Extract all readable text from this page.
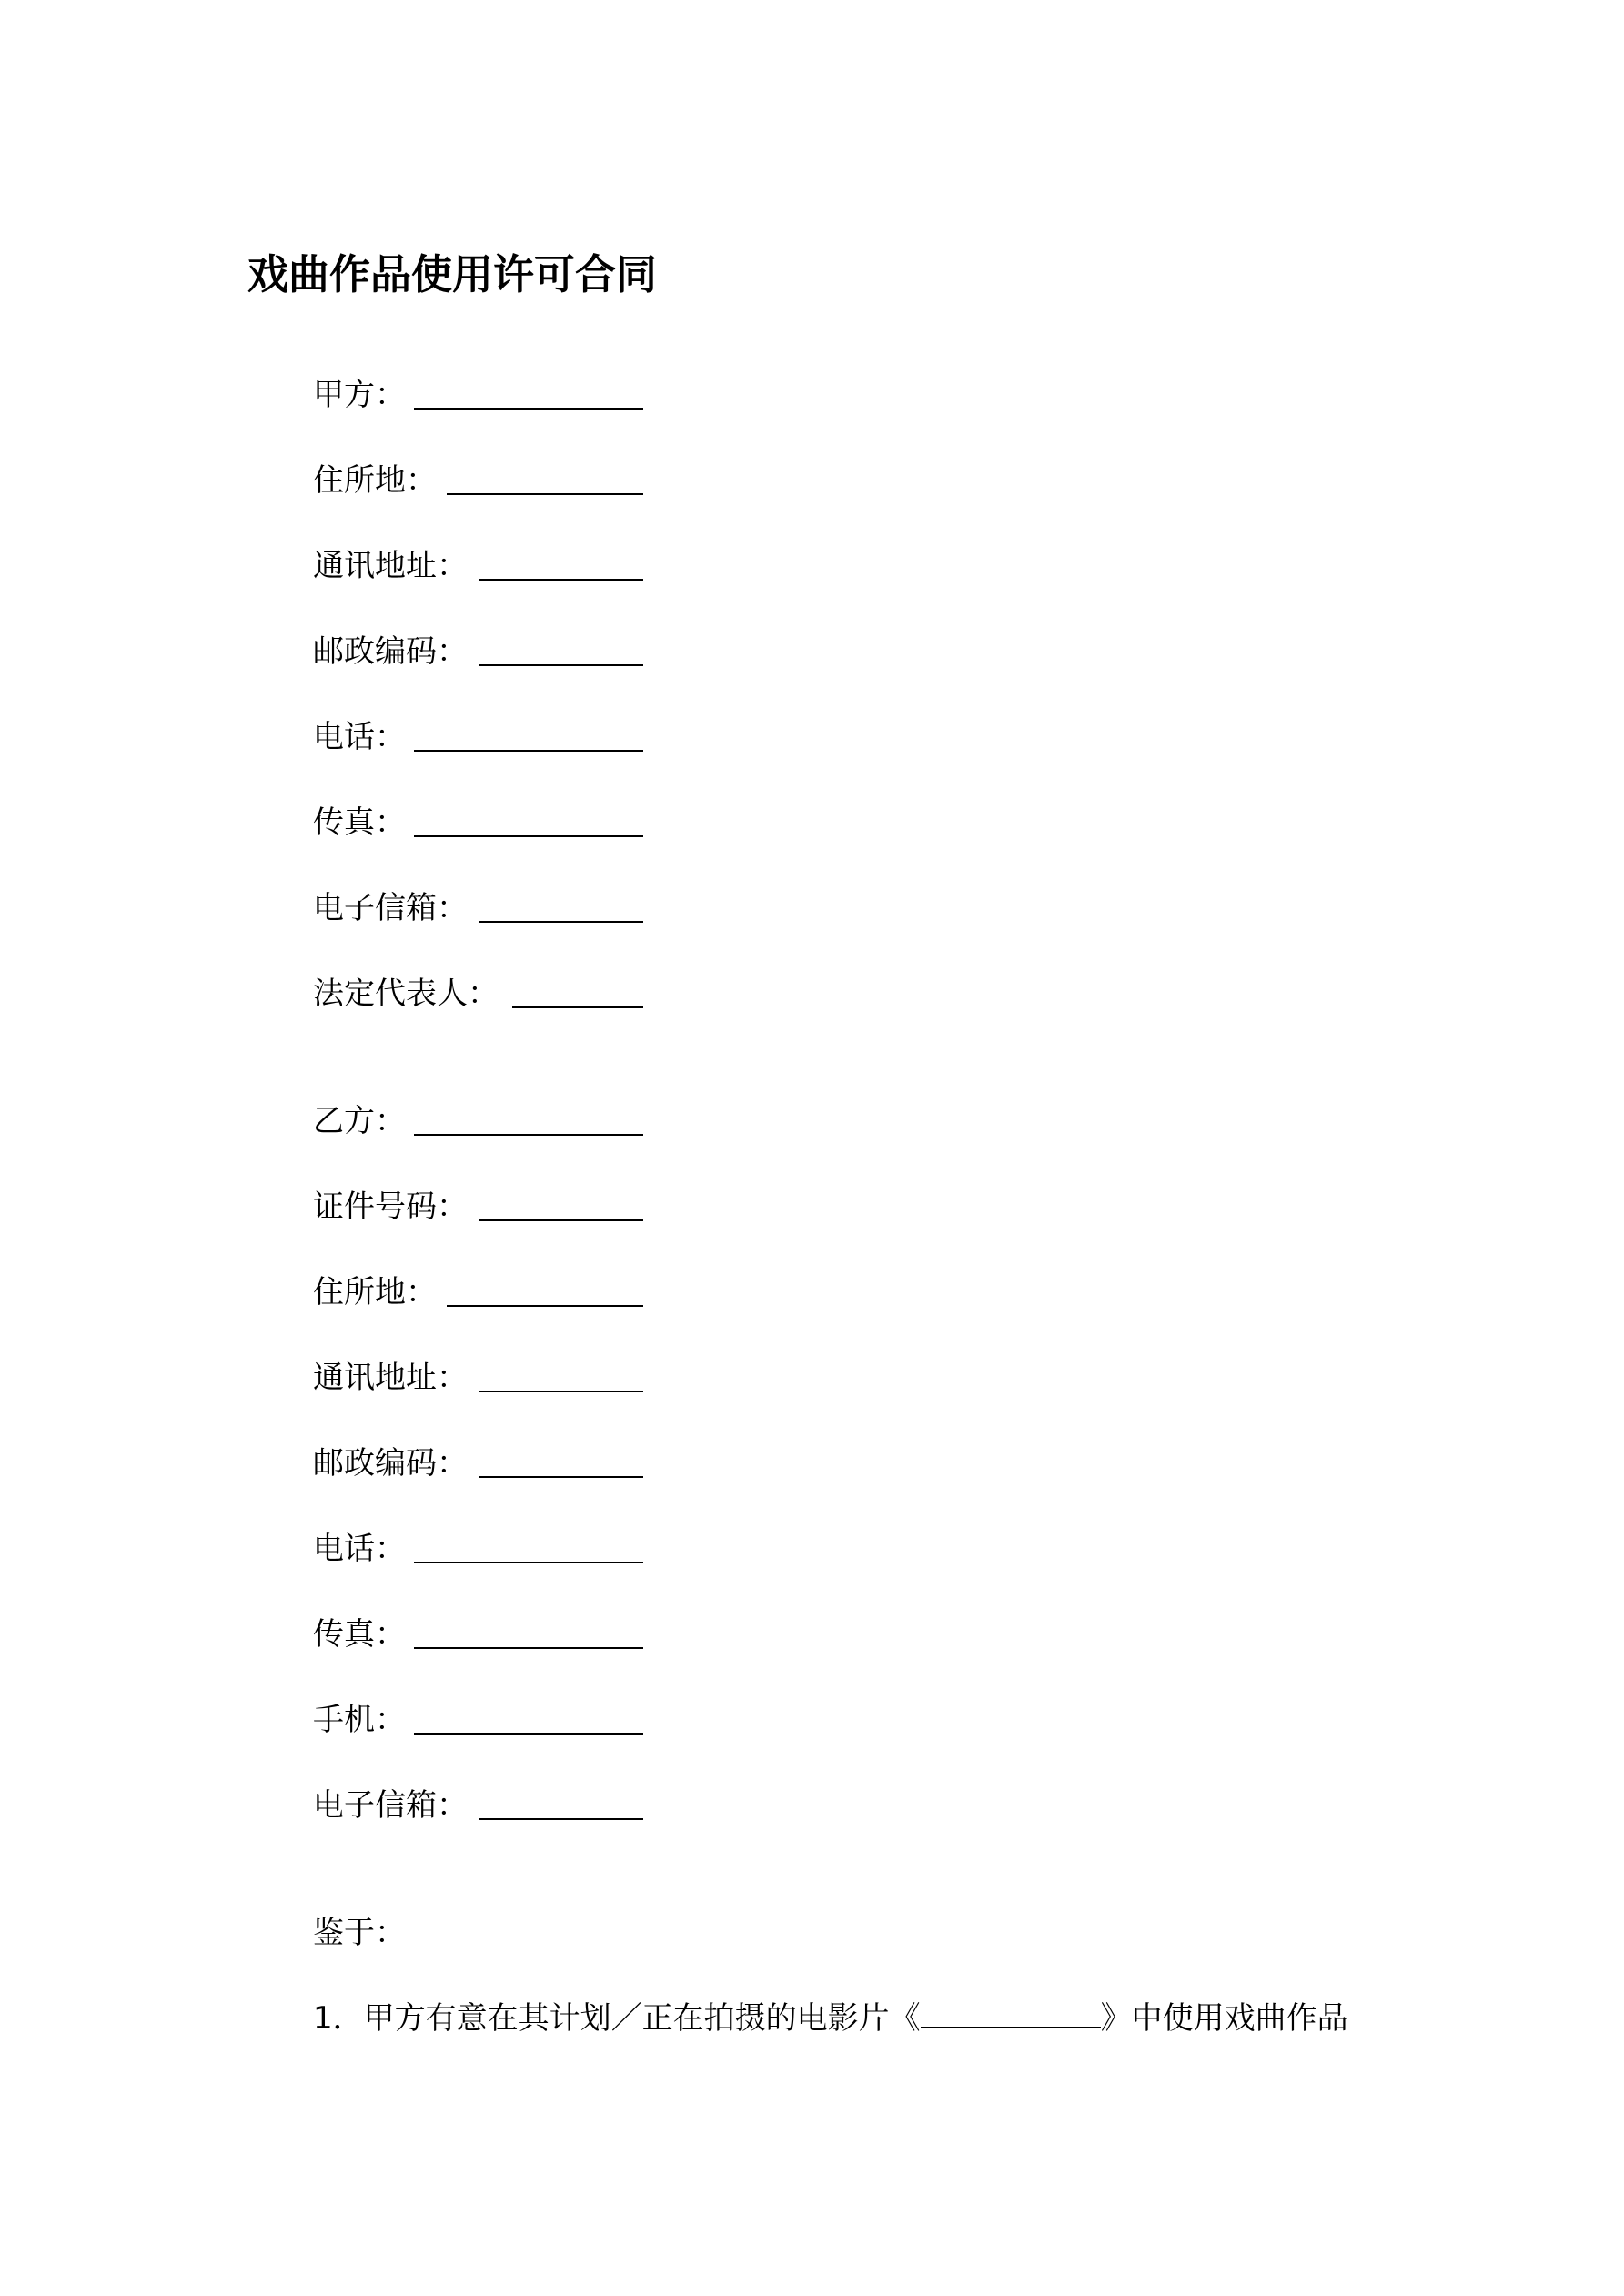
戏曲作品使用许可合同
甲方：
住所地：
通讯地址：
邮政编码：
电话：
传真：
电子信箱：
法定代表人：
乙方：
证件号码：
住所地：
通讯地址：
邮政编码：
电话：
传真：
手机：
电子信箱：

鉴于：

1．甲方有意在其计划／正在拍摄的电影片《	》中使用戏曲作品
